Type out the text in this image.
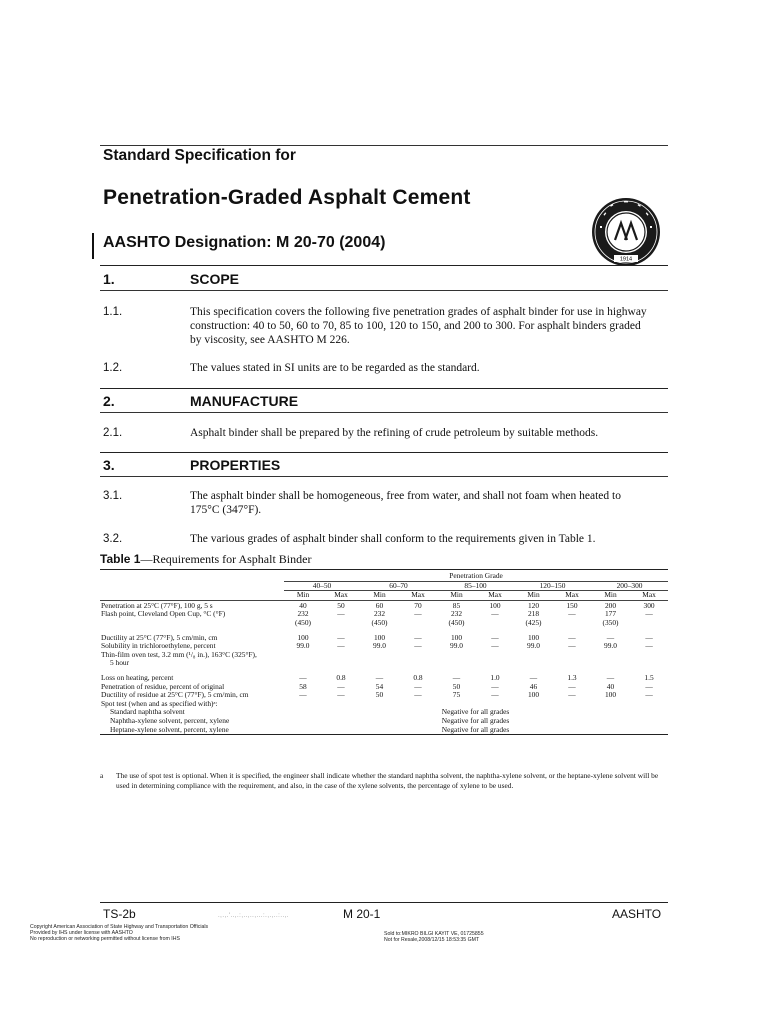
Standard Specification for
Penetration-Graded Asphalt Cement
AASHTO Designation: M 20-70 (2004)
1914
1.	SCOPE
1.1.	This specification covers the following five penetration grades of asphalt binder for use in highway construction: 40 to 50, 60 to 70, 85 to 100, 120 to 150, and 200 to 300. For asphalt binders graded by viscosity, see AASHTO M 226.
1.2.	The values stated in SI units are to be regarded as the standard.
2.	MANUFACTURE
2.1.	Asphalt binder shall be prepared by the refining of crude petroleum by suitable methods.
3.	PROPERTIES
3.1.	The asphalt binder shall be homogeneous, free from water, and shall not foam when heated to 175°C (347°F).
3.2.	The various grades of asphalt binder shall conform to the requirements given in Table 1.
Table 1—Requirements for Asphalt Binder
	Penetration Grade									
	40–50		60–70		85–100		120–150		200–300	
	Min	Max	Min	Max	Min	Max	Min	Max	Min	Max
Penetration at 25°C (77°F), 100 g, 5 s	40	50	60	70	85	100	120	150	200	300
Flash point, Cleveland Open Cup, °C (°F)	232	—	232	—	232	—	218	—	177	—
	(450)		(450)		(450)		(425)		(350)	
Ductility at 25°C (77°F), 5 cm/min, cm	100	—	100	—	100	—	100	—	—	—
Solubility in trichloroethylene, percent	99.0	—	99.0	—	99.0	—	99.0	—	99.0	—
Thin-film oven test, 3.2 mm (¹/₈ in.), 163°C (325°F),										
5 hour										
Loss on heating, percent	—	0.8	—	0.8	—	1.0	—	1.3	—	1.5
Penetration of residue, percent of original	58	—	54	—	50	—	46	—	40	—
Ductility of residue at 25°C (77°F), 5 cm/min, cm	—	—	50	—	75	—	100	—	100	—
Spot test (when and as specified with)ᵃ:										
Standard naphtha solvent					Negative for all grades					
Naphtha-xylene solvent, percent, xylene					Negative for all grades					
Heptane-xylene solvent, percent, xylene					Negative for all grades					
a The use of spot test is optional. When it is specified, the engineer shall indicate whether the standard naphtha solvent, the naphtha-xylene solvent, or the heptane-xylene solvent will be used in determining compliance with the requirement, and also, in the case of the xylene solvents, the percentage of xylene to be used.
TS-2b	.,.,.'..,.:,..,..,...:.,.,..:..,.	M 20-1	AASHTO
Copyright American Association of State Highway and Transportation Officials
Provided by IHS under license with AASHTO
No reproduction or networking permitted without license from IHS
Sold to:MIKRO BILGI KAYIT VE, 01725855
Not for Resale,2008/12/15 18:53:35 GMT
